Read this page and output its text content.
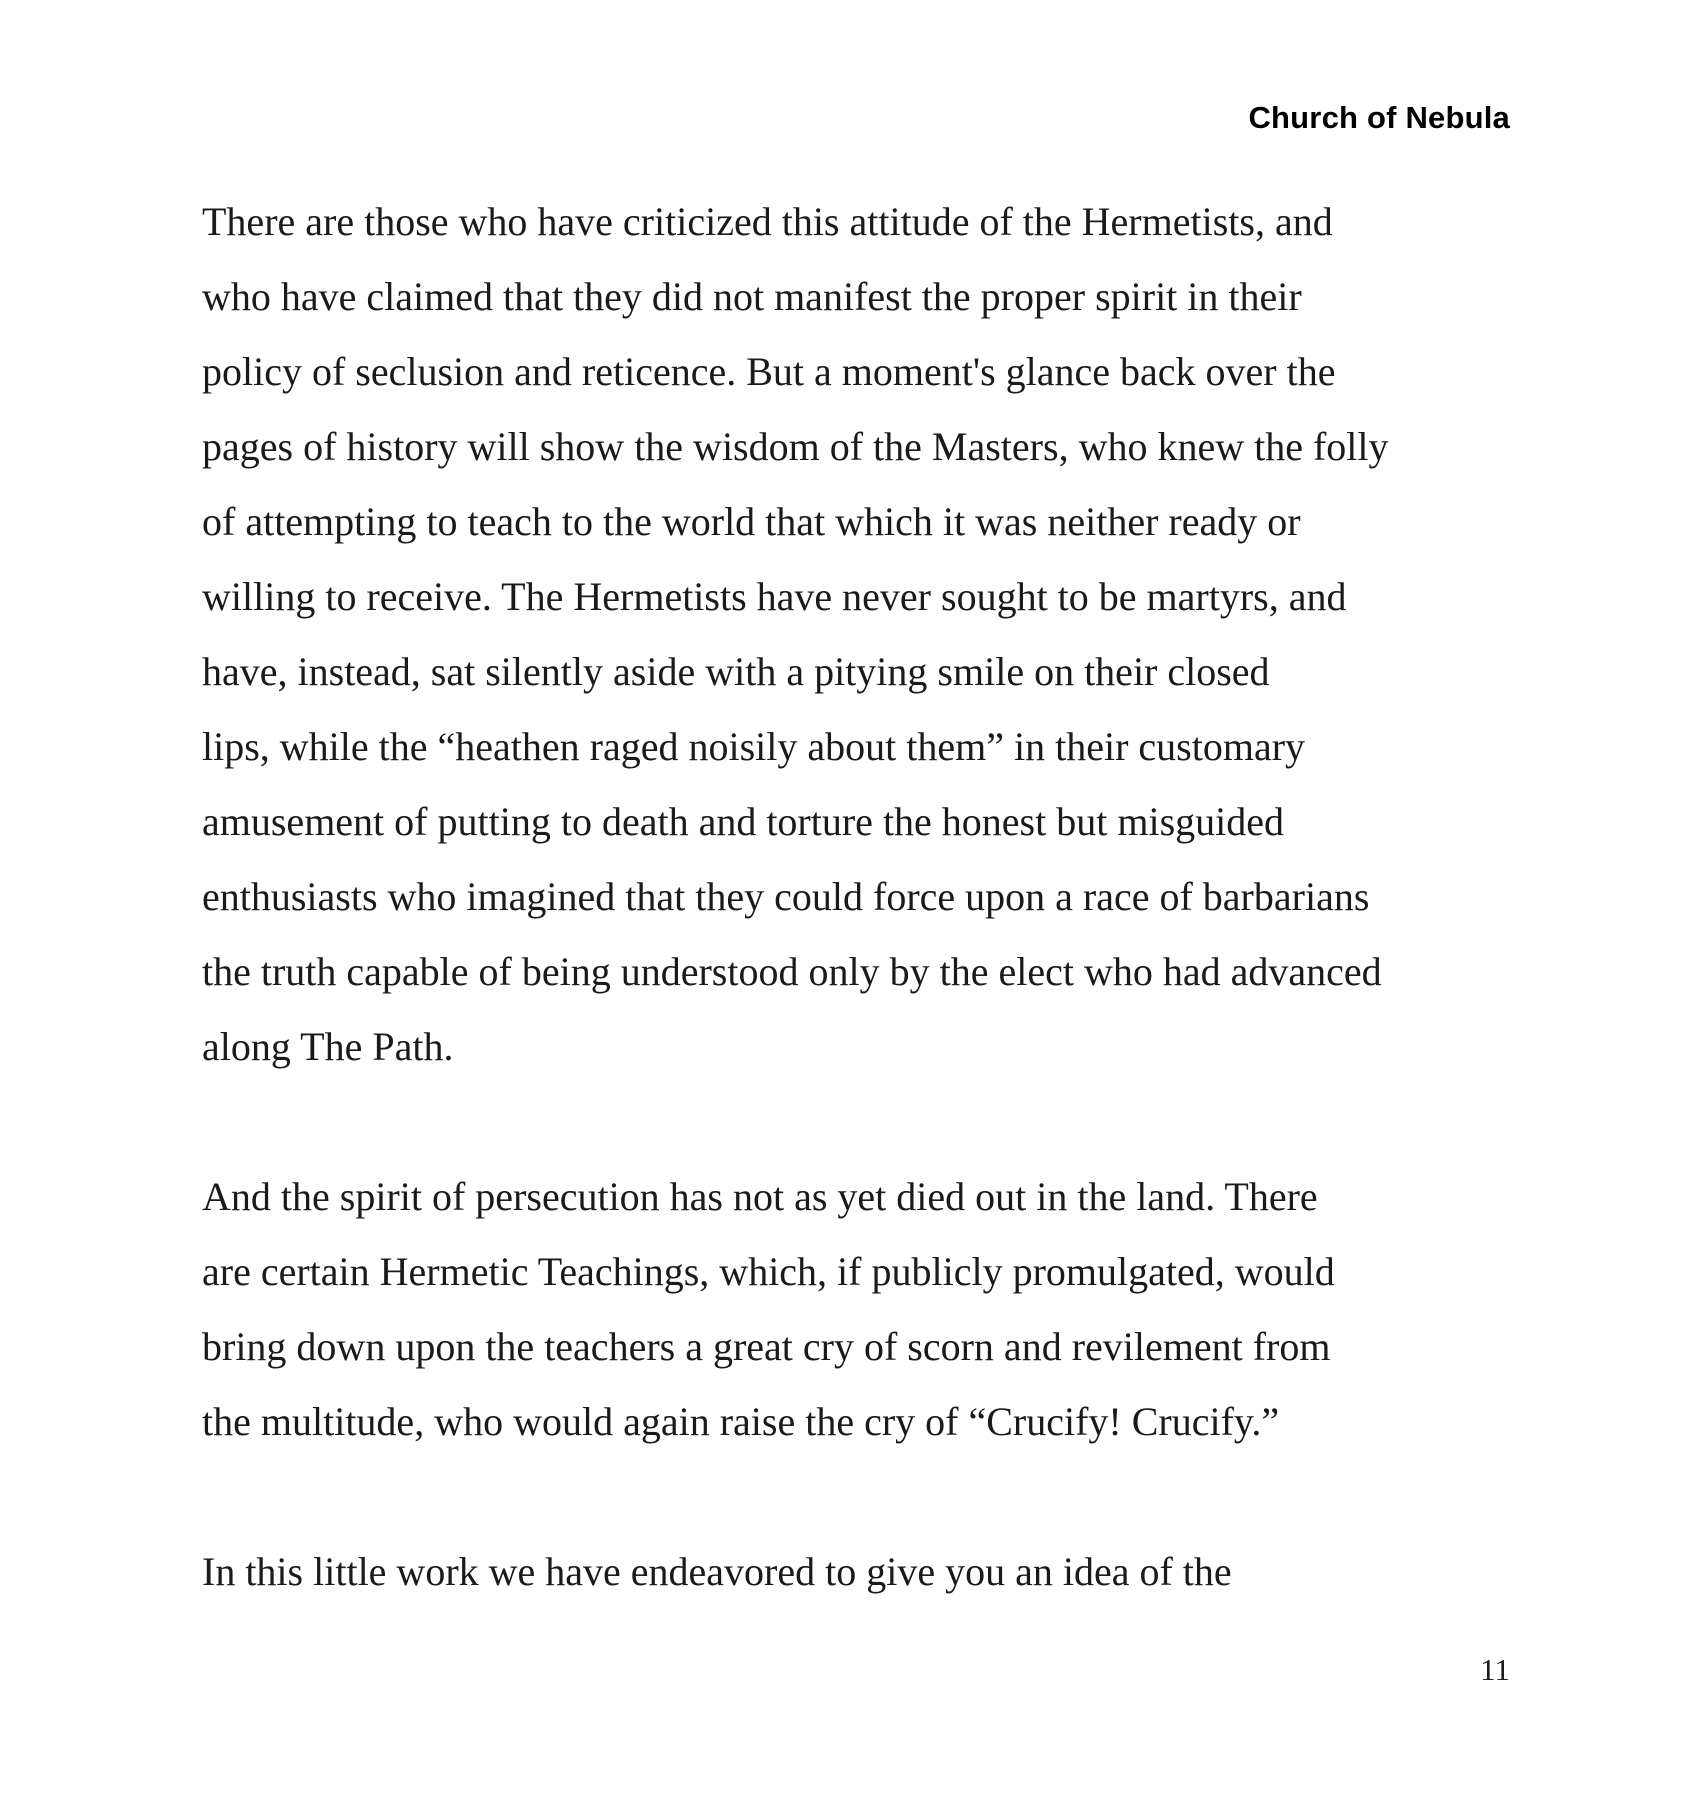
Church of Nebula

There are those who have criticized this attitude of the Hermetists, and
who have claimed that they did not manifest the proper spirit in their
policy of seclusion and reticence. But a moment's glance back over the
pages of history will show the wisdom of the Masters, who knew the folly
of attempting to teach to the world that which it was neither ready or
willing to receive. The Hermetists have never sought to be martyrs, and
have, instead, sat silently aside with a pitying smile on their closed
lips, while the “heathen raged noisily about them” in their customary
amusement of putting to death and torture the honest but misguided
enthusiasts who imagined that they could force upon a race of barbarians
the truth capable of being understood only by the elect who had advanced
along The Path.

And the spirit of persecution has not as yet died out in the land. There
are certain Hermetic Teachings, which, if publicly promulgated, would
bring down upon the teachers a great cry of scorn and revilement from
the multitude, who would again raise the cry of “Crucify! Crucify.”

In this little work we have endeavored to give you an idea of the

11
